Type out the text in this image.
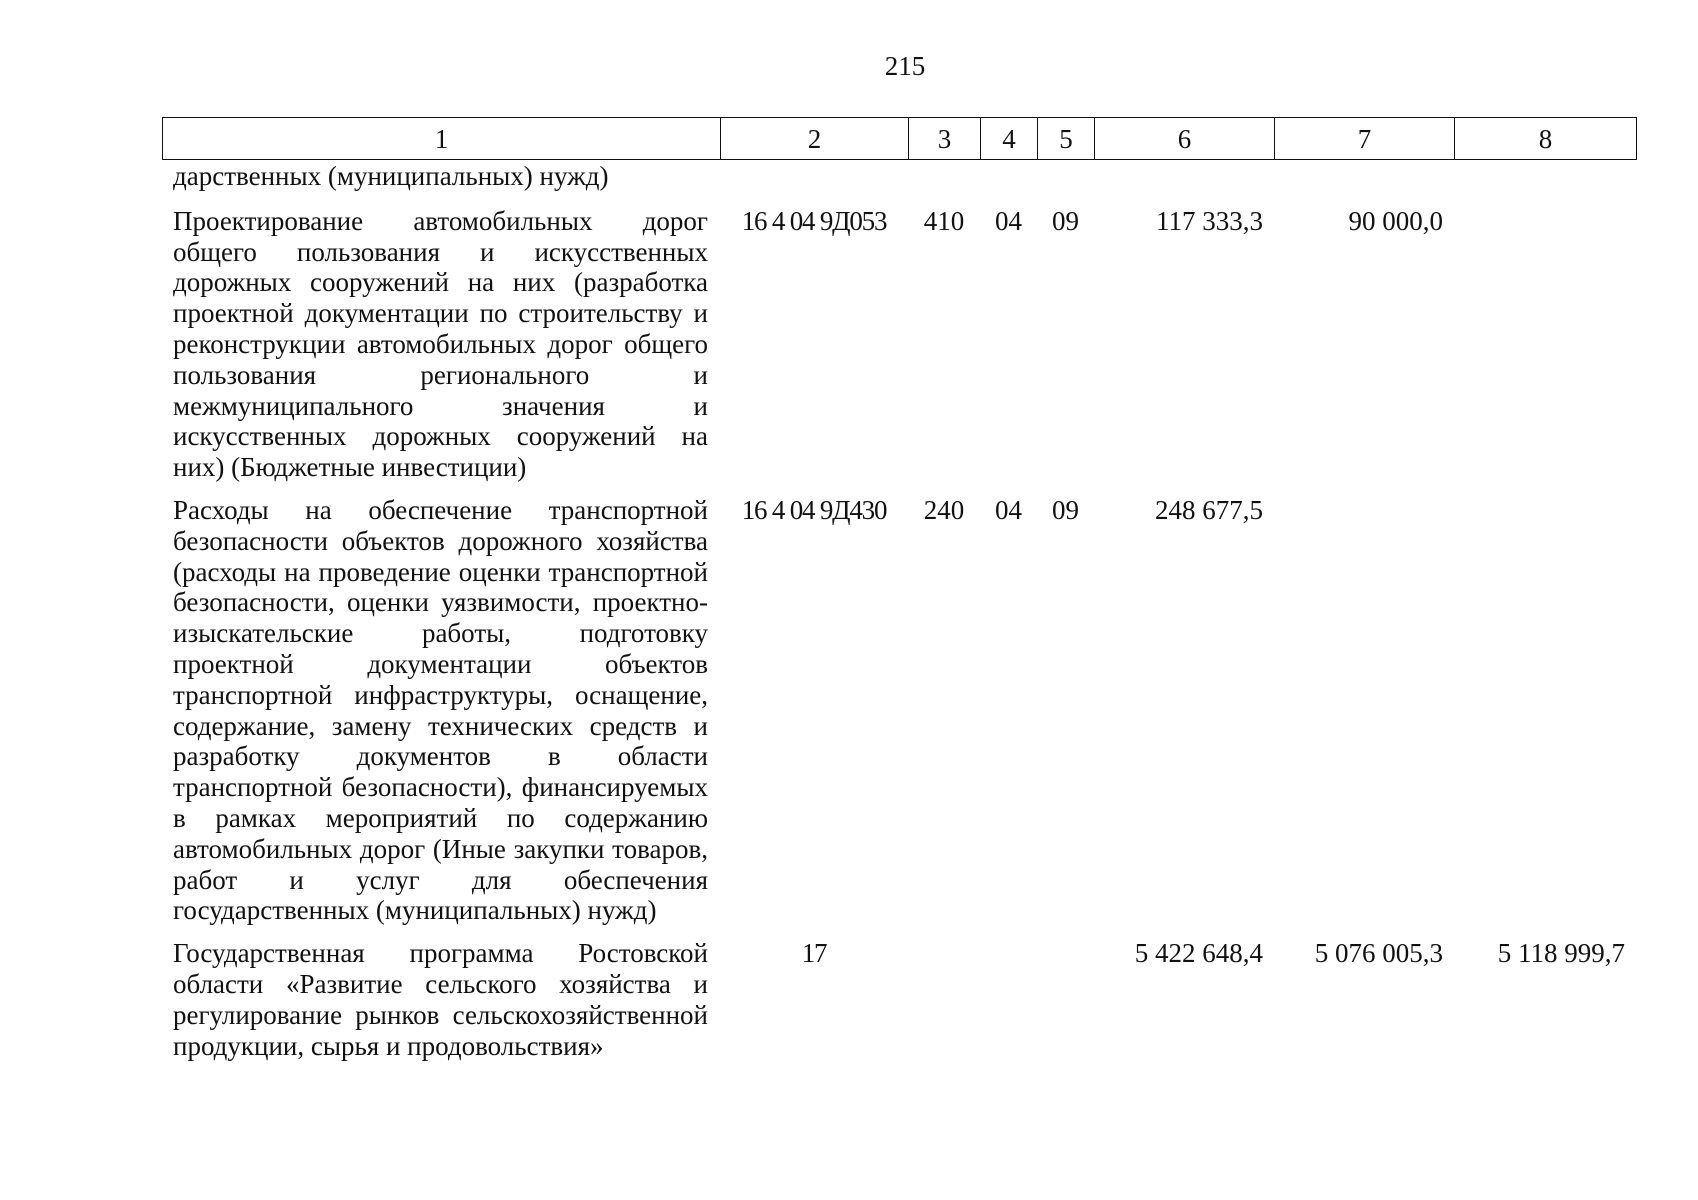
215
1	2	3	4	5	6	7	8
дарственных (муниципальных) нужд)							
Проектирование автомобильных дорог общего пользования и искусственных дорожных сооружений на них (разработка проектной документации по строительству и реконструкции автомобильных дорог общего пользования регионального и межмуниципального значения и искусственных дорожных сооружений на них) (Бюджетные инвестиции)	16 4 04 9Д053	410	04	09	117 333,3	90 000,0	
Расходы на обеспечение транспортной безопасности объектов дорожного хозяйства (расходы на проведение оценки транспортной безопасности, оценки уязвимости, проектно-изыскательские работы, подготовку проектной документации объектов транспортной инфраструктуры, оснащение, содержание, замену технических средств и разработку документов в области транспортной безопасности), финансируемых в рамках мероприятий по содержанию автомобильных дорог (Иные закупки товаров, работ и услуг для обеспечения государственных (муниципальных) нужд)	16 4 04 9Д430	240	04	09	248 677,5		
Государственная программа Ростовской области «Развитие сельского хозяйства и регулирование рынков сельскохозяйственной продукции, сырья и продовольствия»	17				5 422 648,4	5 076 005,3	5 118 999,7
